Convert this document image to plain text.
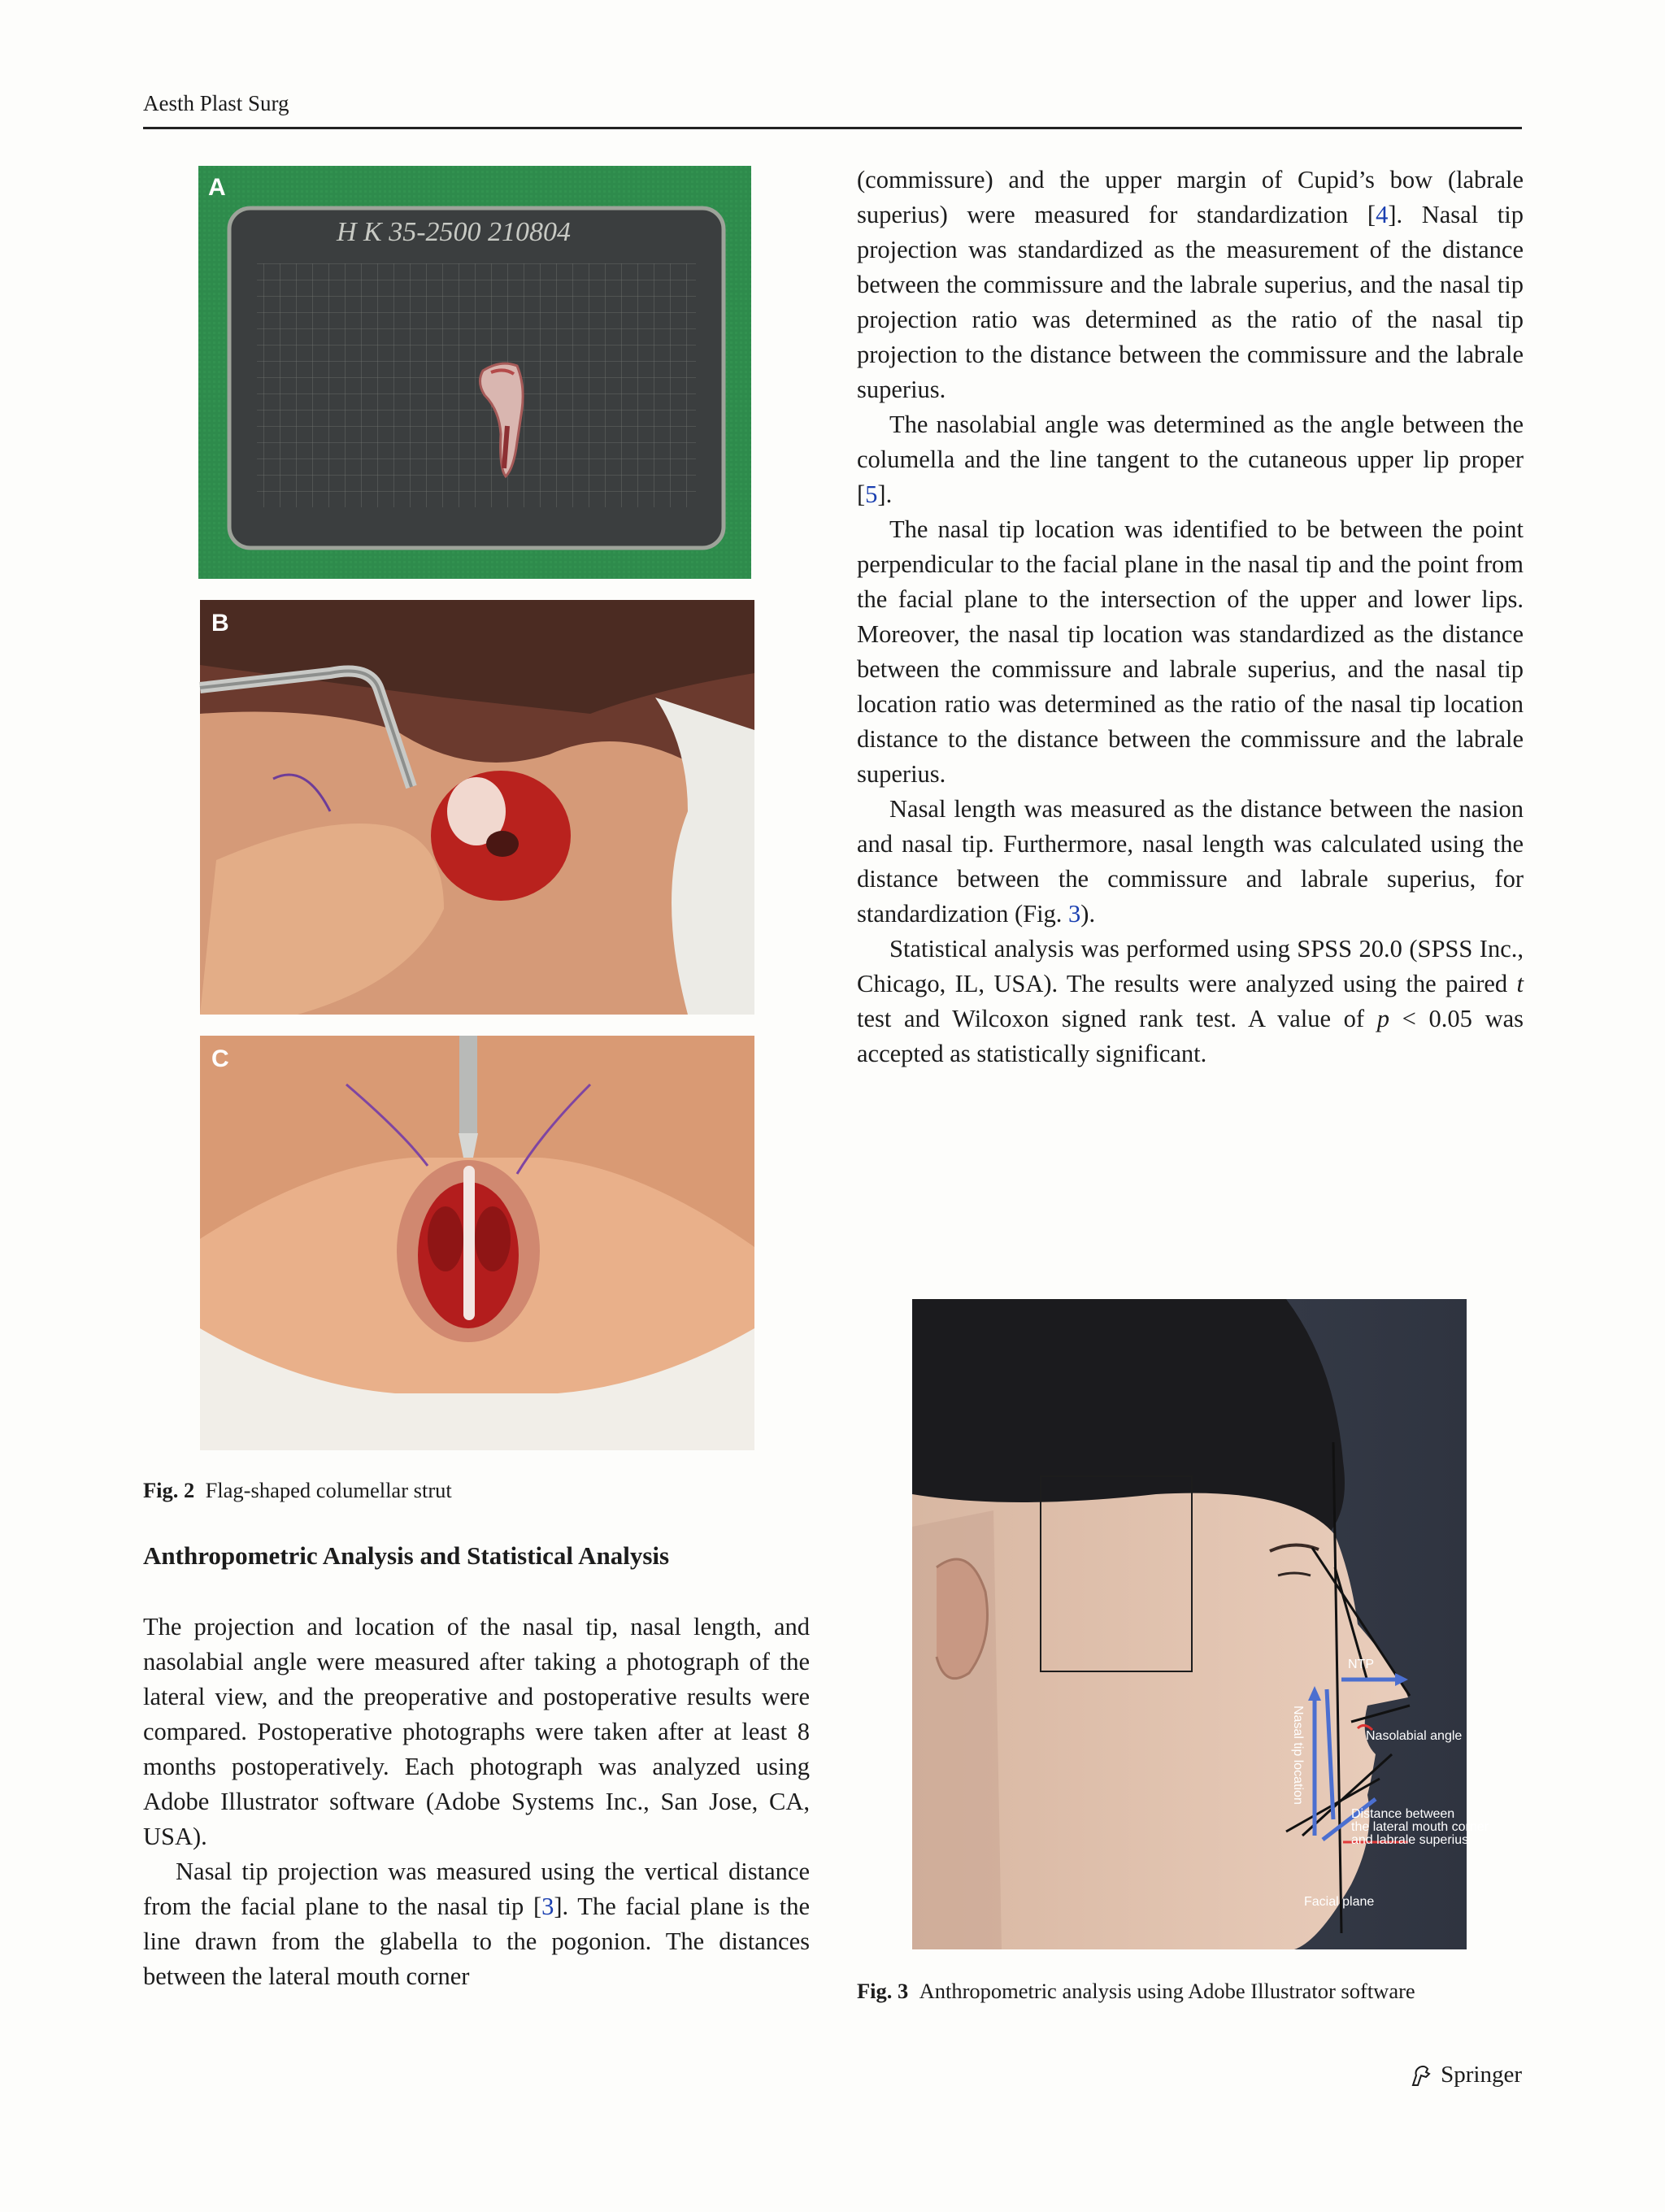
Aesth Plast Surg
H K 35-2500 210804
A
B
C
Fig. 2 Flag-shaped columellar strut
Anthropometric Analysis and Statistical Analysis

The projection and location of the nasal tip, nasal length, and nasolabial angle were measured after taking a photograph of the lateral view, and the preoperative and postoperative results were compared. Postoperative photographs were taken after at least 8 months postoperatively. Each photograph was analyzed using Adobe Illustrator software (Adobe Systems Inc., San Jose, CA, USA).

Nasal tip projection was measured using the vertical distance from the facial plane to the nasal tip [3]. The facial plane is the line drawn from the glabella to the pogonion. The distances between the lateral mouth corner

(commissure) and the upper margin of Cupid’s bow (labrale superius) were measured for standardization [4]. Nasal tip projection was standardized as the measurement of the distance between the commissure and the labrale superius, and the nasal tip projection ratio was determined as the ratio of the nasal tip projection to the distance between the commissure and the labrale superius.

The nasolabial angle was determined as the angle between the columella and the line tangent to the cutaneous upper lip proper [5].

The nasal tip location was identified to be between the point perpendicular to the facial plane in the nasal tip and the point from the facial plane to the intersection of the upper and lower lips. Moreover, the nasal tip location was standardized as the distance between the commissure and labrale superius, and the nasal tip location ratio was determined as the ratio of the nasal tip location distance to the distance between the commissure and the labrale superius.

Nasal length was measured as the distance between the nasion and nasal tip. Furthermore, nasal length was calculated using the distance between the commissure and labrale superius, for standardization (Fig. 3).

Statistical analysis was performed using SPSS 20.0 (SPSS Inc., Chicago, IL, USA). The results were analyzed using the paired t test and Wilcoxon signed rank test. A value of p < 0.05 was accepted as statistically significant.

NTP
Nasolabial angle
Distance between
the lateral mouth corner
and labrale superius
Nasal tip location
Facial plane
Fig. 3 Anthropometric analysis using Adobe Illustrator software
Springer
